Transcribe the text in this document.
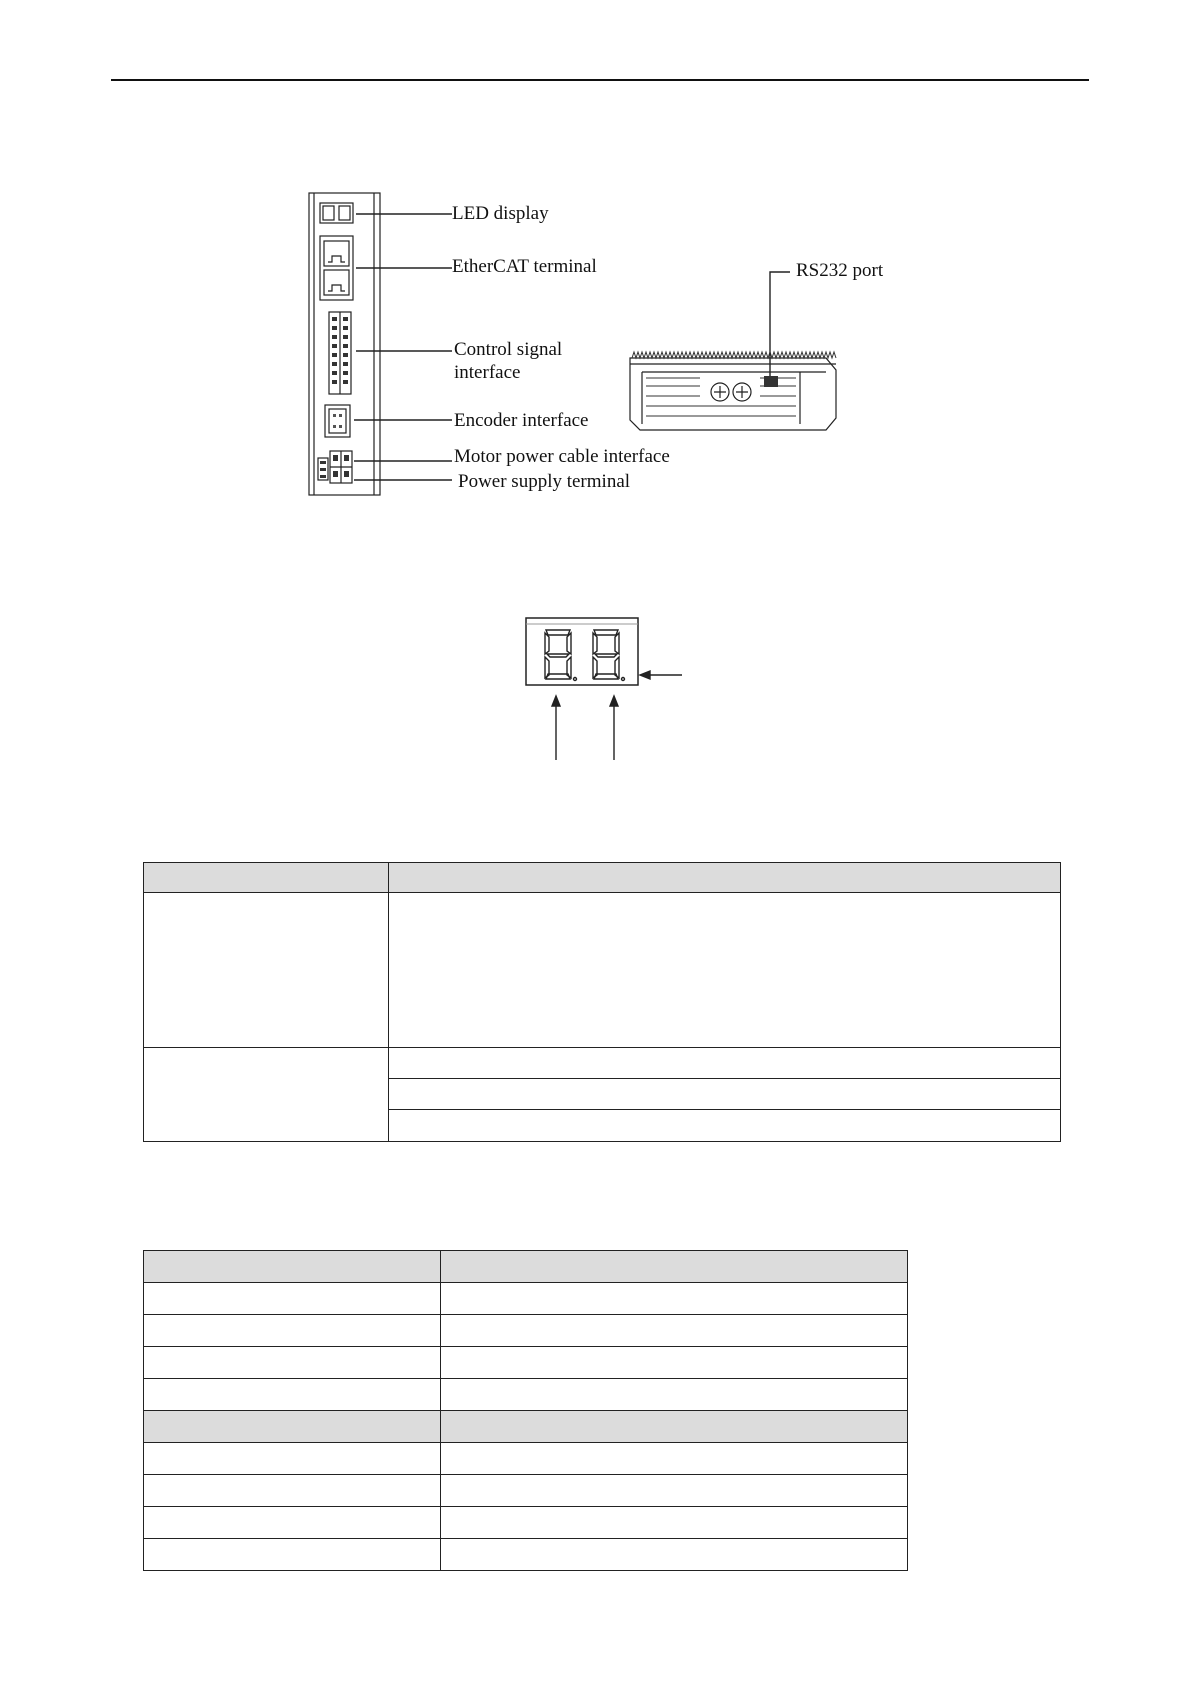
LED display
EtherCAT terminal
Control signal
interface
Encoder interface
Motor power cable interface
Power supply terminal
RS232 port
